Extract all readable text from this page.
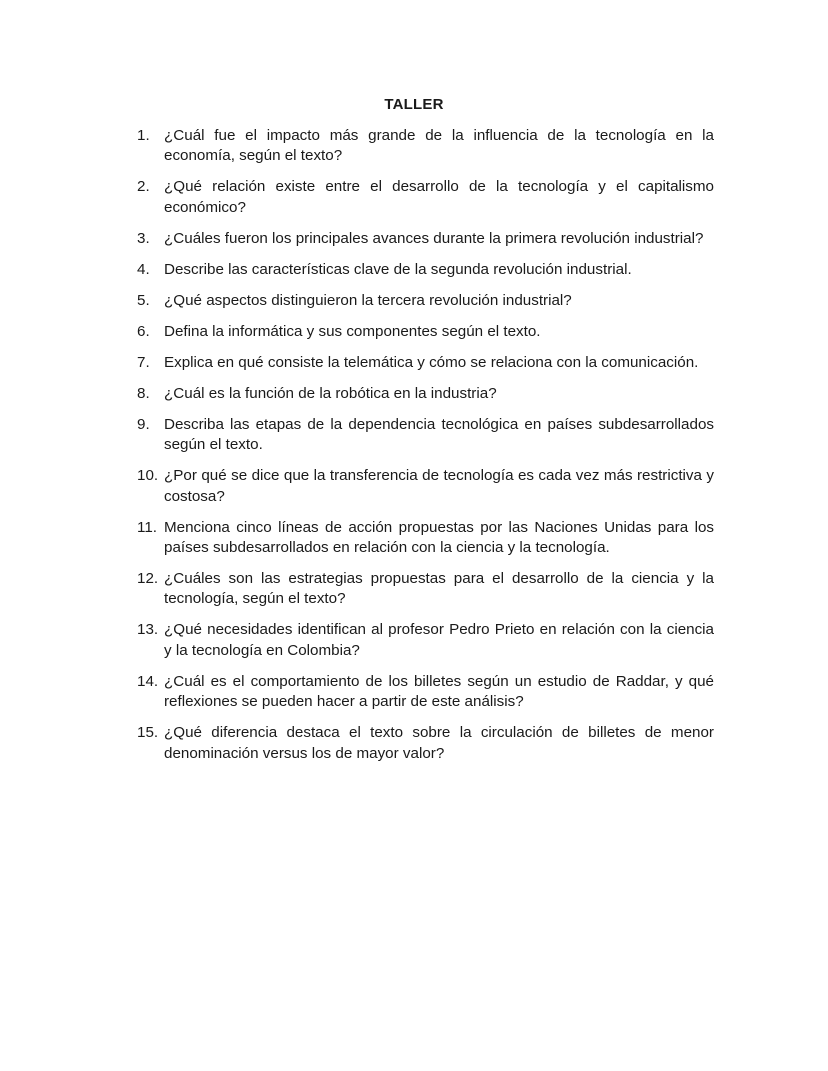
TALLER
1. ¿Cuál fue el impacto más grande de la influencia de la tecnología en la economía, según el texto?
2. ¿Qué relación existe entre el desarrollo de la tecnología y el capitalismo económico?
3. ¿Cuáles fueron los principales avances durante la primera revolución industrial?
4. Describe las características clave de la segunda revolución industrial.
5. ¿Qué aspectos distinguieron la tercera revolución industrial?
6. Defina la informática y sus componentes según el texto.
7. Explica en qué consiste la telemática y cómo se relaciona con la comunicación.
8. ¿Cuál es la función de la robótica en la industria?
9. Describa las etapas de la dependencia tecnológica en países subdesarrollados según el texto.
10. ¿Por qué se dice que la transferencia de tecnología es cada vez más restrictiva y costosa?
11. Menciona cinco líneas de acción propuestas por las Naciones Unidas para los países subdesarrollados en relación con la ciencia y la tecnología.
12. ¿Cuáles son las estrategias propuestas para el desarrollo de la ciencia y la tecnología, según el texto?
13. ¿Qué necesidades identifican al profesor Pedro Prieto en relación con la ciencia y la tecnología en Colombia?
14. ¿Cuál es el comportamiento de los billetes según un estudio de Raddar, y qué reflexiones se pueden hacer a partir de este análisis?
15. ¿Qué diferencia destaca el texto sobre la circulación de billetes de menor denominación versus los de mayor valor?
